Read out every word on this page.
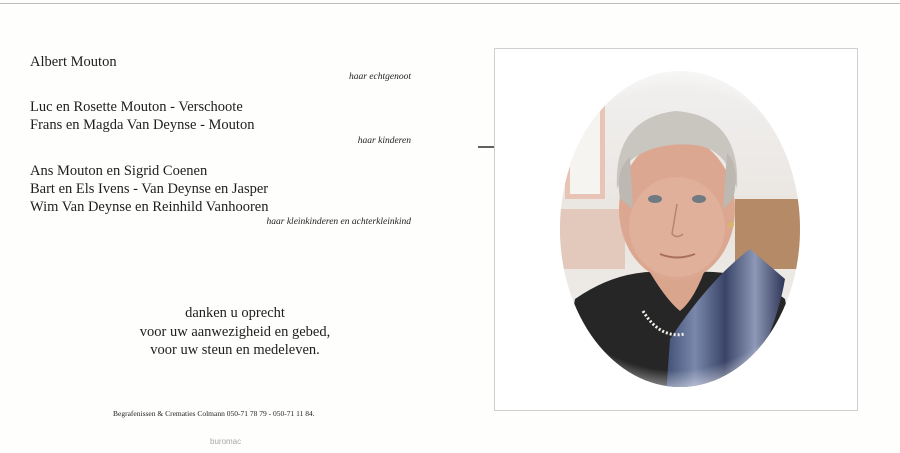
Albert Mouton
haar echtgenoot
Luc en Rosette Mouton - Verschoote
Frans en Magda Van Deynse - Mouton
haar kinderen
Ans Mouton en Sigrid Coenen
Bart en Els Ivens - Van Deynse en Jasper
Wim Van Deynse en Reinhild Vanhooren
haar kleinkinderen en achterkleinkind
danken u oprecht
voor uw aanwezigheid en gebed,
voor uw steun en medeleven.
Begrafenissen & Crematies Colmann 050-71 78 79 - 050-71 11 84.
buromac
